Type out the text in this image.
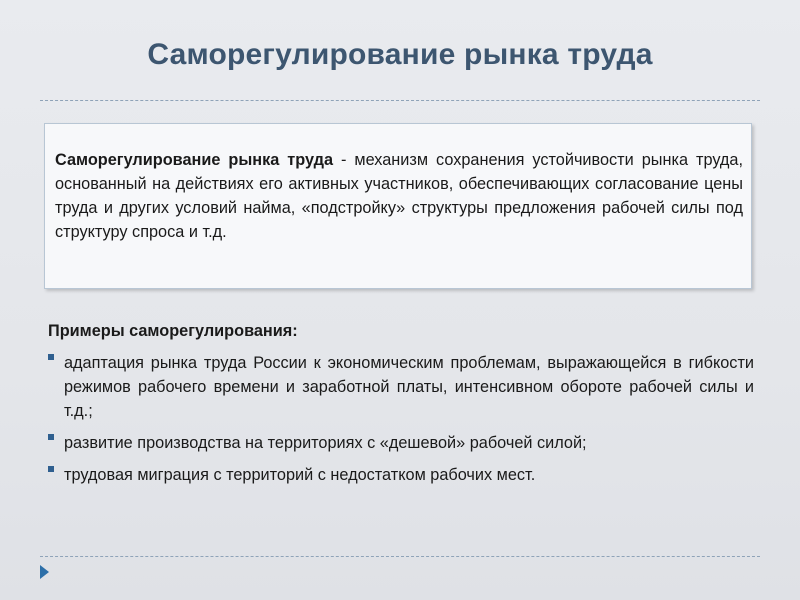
Саморегулирование рынка труда
Саморегулирование рынка труда - механизм сохранения устойчивости рынка труда, основанный на действиях его активных участников, обеспечивающих согласование цены труда и других условий найма, «подстройку» структуры предложения рабочей силы под структуру спроса и т.д.
Примеры саморегулирования:
адаптация рынка труда России к экономическим проблемам, выражающейся в гибкости режимов рабочего времени и заработной платы, интенсивном обороте рабочей силы и т.д.;
развитие производства на территориях с «дешевой» рабочей силой;
трудовая миграция с территорий с недостатком рабочих мест.
